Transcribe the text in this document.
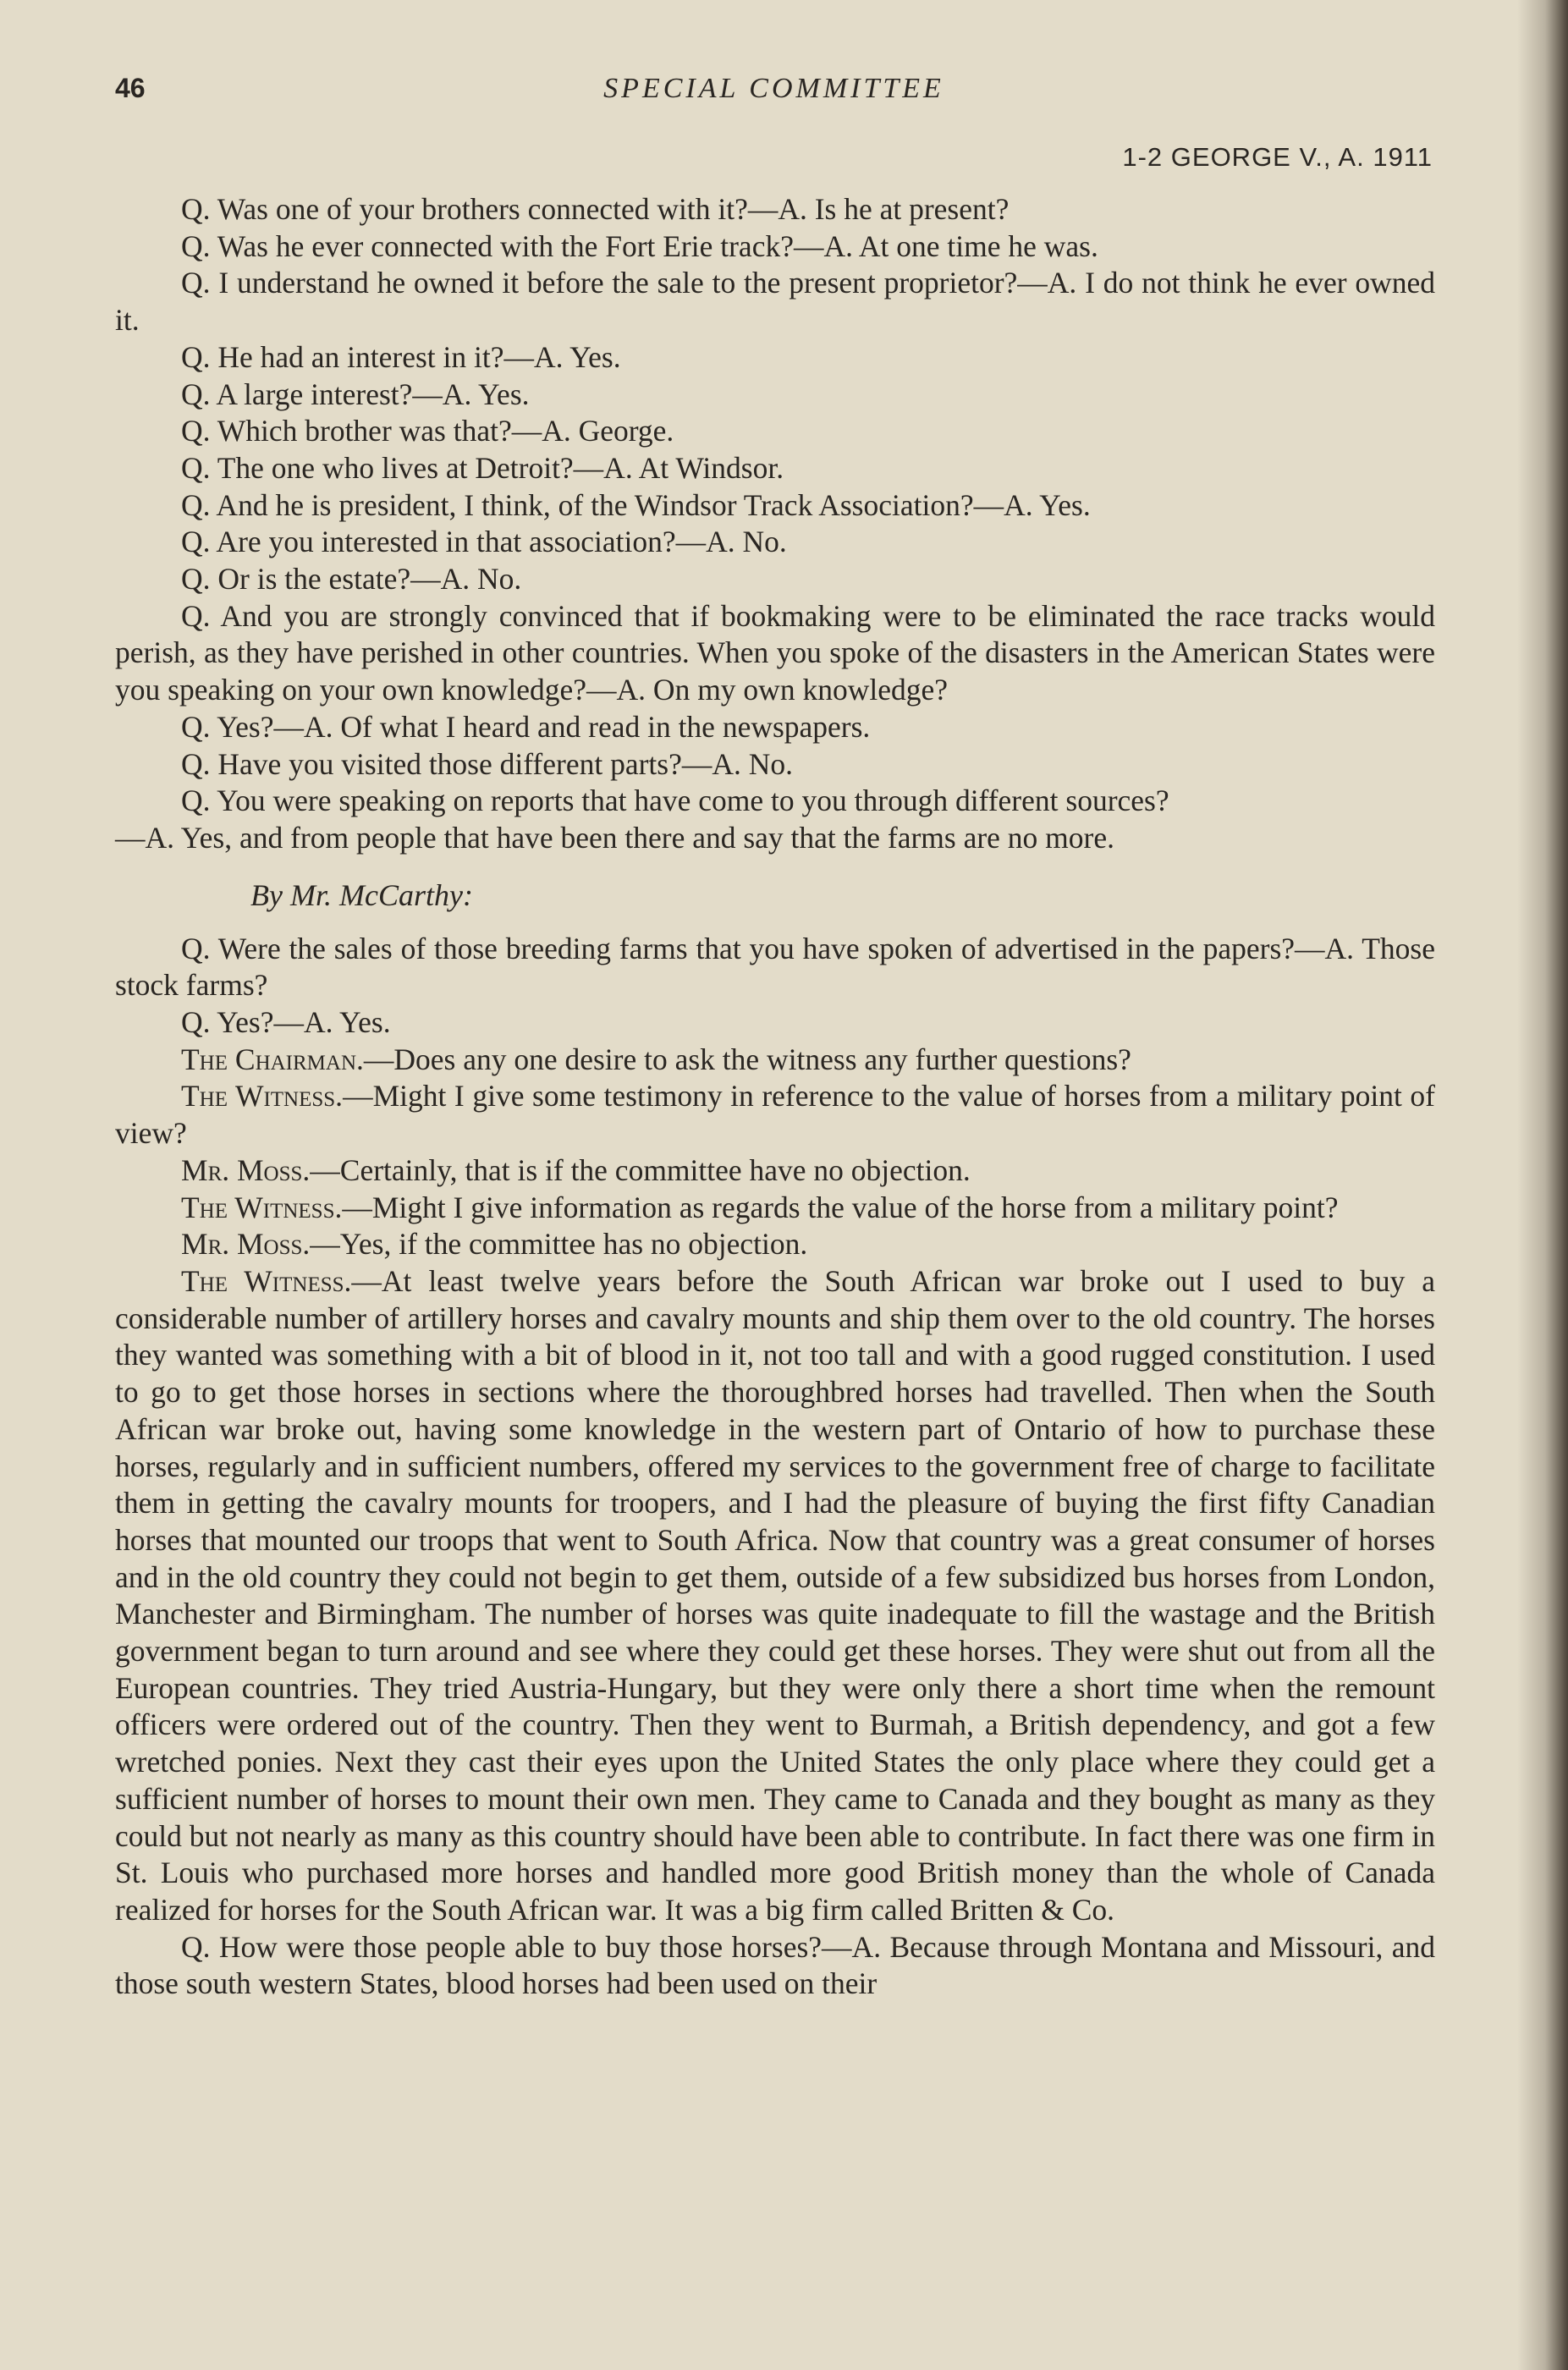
46	SPECIAL COMMITTEE
1-2 GEORGE V., A. 1911

Q. Was one of your brothers connected with it?—A. Is he at present?

Q. Was he ever connected with the Fort Erie track?—A. At one time he was.

Q. I understand he owned it before the sale to the present proprietor?—A. I do not think he ever owned it.

Q. He had an interest in it?—A. Yes.

Q. A large interest?—A. Yes.

Q. Which brother was that?—A. George.

Q. The one who lives at Detroit?—A. At Windsor.

Q. And he is president, I think, of the Windsor Track Association?—A. Yes.

Q. Are you interested in that association?—A. No.

Q. Or is the estate?—A. No.

Q. And you are strongly convinced that if bookmaking were to be eliminated the race tracks would perish, as they have perished in other countries. When you spoke of the disasters in the American States were you speaking on your own knowledge?—A. On my own knowledge?

Q. Yes?—A. Of what I heard and read in the newspapers.

Q. Have you visited those different parts?—A. No.

Q. You were speaking on reports that have come to you through different sources?

—A. Yes, and from people that have been there and say that the farms are no more.

By Mr. McCarthy:

Q. Were the sales of those breeding farms that you have spoken of advertised in the papers?—A. Those stock farms?

Q. Yes?—A. Yes.

The Chairman.—Does any one desire to ask the witness any further questions?

The Witness.—Might I give some testimony in reference to the value of horses from a military point of view?

Mr. Moss.—Certainly, that is if the committee have no objection.

The Witness.—Might I give information as regards the value of the horse from a military point?

Mr. Moss.—Yes, if the committee has no objection.

The Witness.—At least twelve years before the South African war broke out I used to buy a considerable number of artillery horses and cavalry mounts and ship them over to the old country. The horses they wanted was something with a bit of blood in it, not too tall and with a good rugged constitution. I used to go to get those horses in sections where the thoroughbred horses had travelled. Then when the South African war broke out, having some knowledge in the western part of Ontario of how to purchase these horses, regularly and in sufficient numbers, offered my services to the government free of charge to facilitate them in getting the cavalry mounts for troopers, and I had the pleasure of buying the first fifty Canadian horses that mounted our troops that went to South Africa. Now that country was a great consumer of horses and in the old country they could not begin to get them, outside of a few subsidized bus horses from London, Manchester and Birmingham. The number of horses was quite inadequate to fill the wastage and the British government began to turn around and see where they could get these horses. They were shut out from all the European countries. They tried Austria-Hungary, but they were only there a short time when the remount officers were ordered out of the country. Then they went to Burmah, a British dependency, and got a few wretched ponies. Next they cast their eyes upon the United States the only place where they could get a sufficient number of horses to mount their own men. They came to Canada and they bought as many as they could but not nearly as many as this country should have been able to contribute. In fact there was one firm in St. Louis who purchased more horses and handled more good British money than the whole of Canada realized for horses for the South African war. It was a big firm called Britten & Co.

Q. How were those people able to buy those horses?—A. Because through Montana and Missouri, and those south western States, blood horses had been used on their
